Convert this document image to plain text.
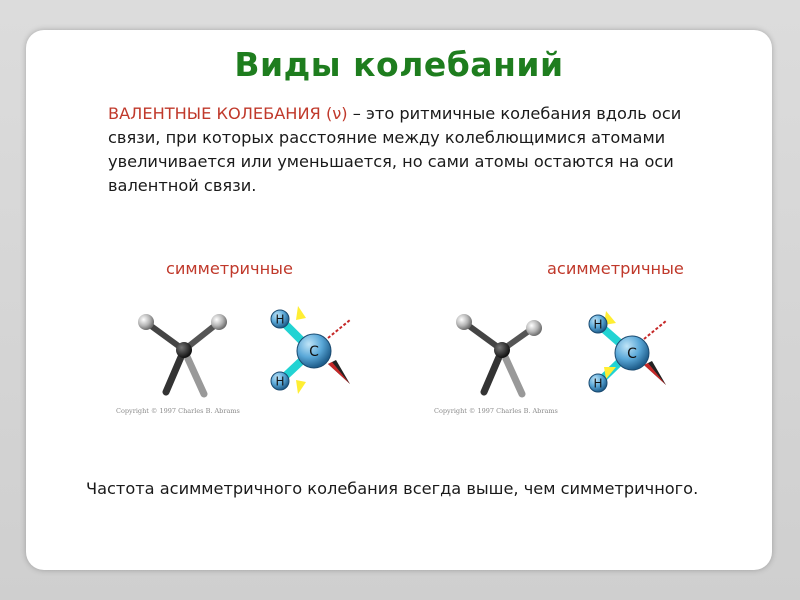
Виды колебаний
ВАЛЕНТНЫЕ КОЛЕБАНИЯ (ν) – это ритмичные колебания вдоль оси связи, при которых расстояние между колеблющимися атомами увеличивается или уменьшается, но сами атомы остаются на оси валентной связи.
симметричные	асимметричные
H
H
C
H
H
C
Copyright © 1997 Charles B. Abrams	Copyright © 1997 Charles B. Abrams
Частота асимметричного колебания всегда выше, чем симметричного.
